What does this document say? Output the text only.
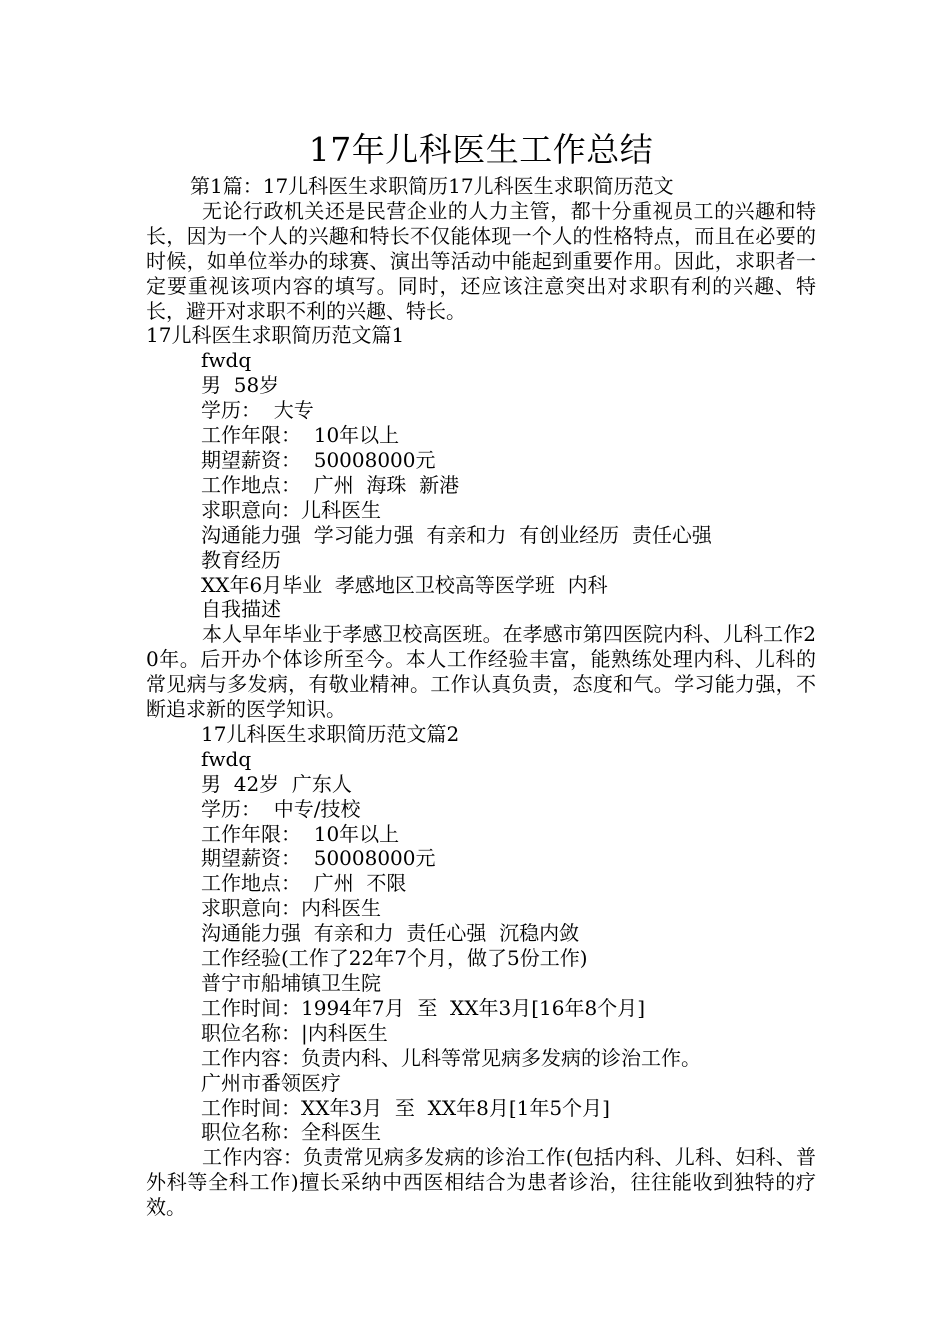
17年儿科医生工作总结

第1篇：17儿科医生求职简历17儿科医生求职简历范文

无论行政机关还是民营企业的人力主管，都十分重视员工的兴趣和特长，因为一个人的兴趣和特长不仅能体现一个人的性格特点，而且在必要的时候，如单位举办的球赛、演出等活动中能起到重要作用。因此，求职者一定要重视该项内容的填写。同时，还应该注意突出对求职有利的兴趣、特长，避开对求职不利的兴趣、特长。

17儿科医生求职简历范文篇1

fwdq

男  58岁

学历：  大专

工作年限：  10年以上

期望薪资：  50008000元

工作地点：  广州  海珠  新港

求职意向：儿科医生

沟通能力强  学习能力强  有亲和力  有创业经历  责任心强

教育经历

XX年6月毕业  孝感地区卫校高等医学班  内科

自我描述

本人早年毕业于孝感卫校高医班。在孝感市第四医院内科、儿科工作20年。后开办个体诊所至今。本人工作经验丰富，能熟练处理内科、儿科的常见病与多发病，有敬业精神。工作认真负责，态度和气。学习能力强，不断追求新的医学知识。

17儿科医生求职简历范文篇2

fwdq

男  42岁  广东人

学历：  中专/技校

工作年限：  10年以上

期望薪资：  50008000元

工作地点：  广州  不限

求职意向：内科医生

沟通能力强  有亲和力  责任心强  沉稳内敛

工作经验(工作了22年7个月，做了5份工作)

普宁市船埔镇卫生院

工作时间：1994年7月  至  XX年3月[16年8个月]

职位名称：|内科医生

工作内容：负责内科、儿科等常见病多发病的诊治工作。

广州市番领医疗

工作时间：XX年3月  至  XX年8月[1年5个月]

职位名称：全科医生

工作内容：负责常见病多发病的诊治工作(包括内科、儿科、妇科、普外科等全科工作)擅长采纳中西医相结合为患者诊治，往往能收到独特的疗效。
